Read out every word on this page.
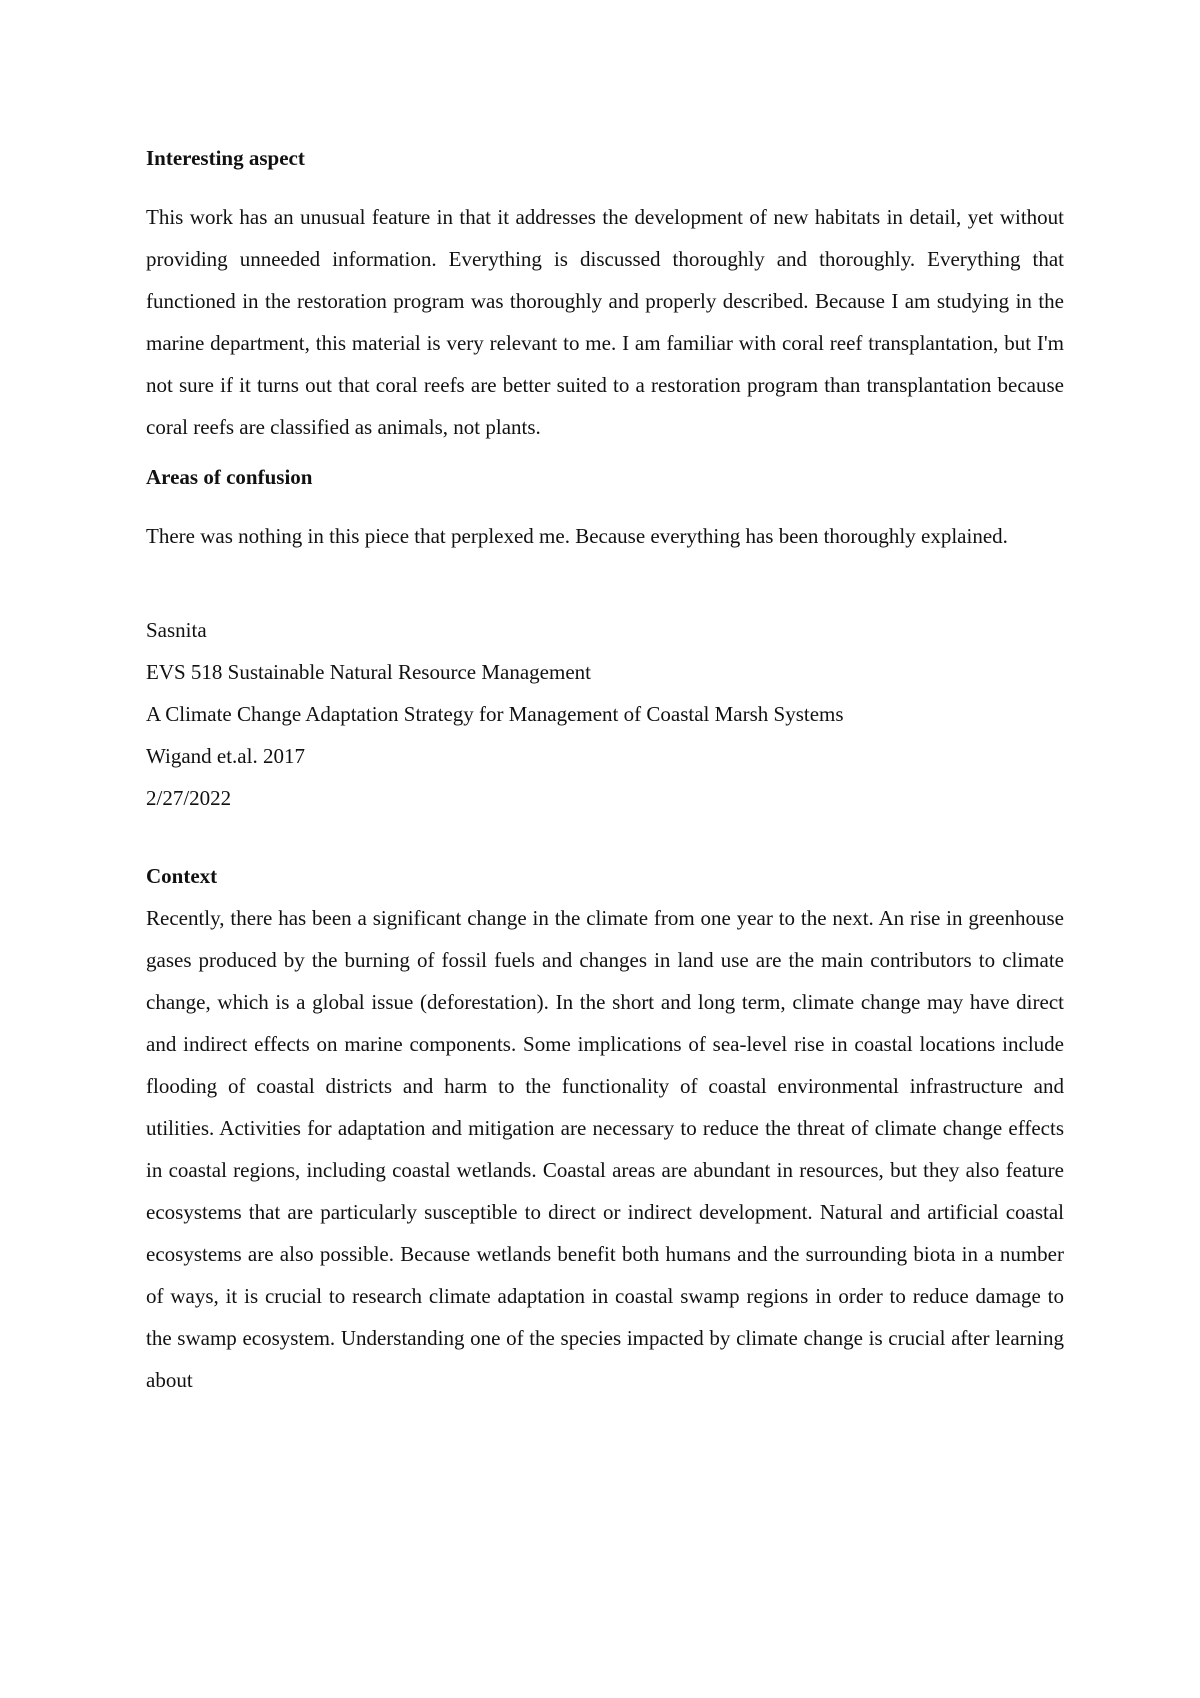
Interesting aspect

This work has an unusual feature in that it addresses the development of new habitats in detail, yet without providing unneeded information. Everything is discussed thoroughly and thoroughly. Everything that functioned in the restoration program was thoroughly and properly described. Because I am studying in the marine department, this material is very relevant to me. I am familiar with coral reef transplantation, but I'm not sure if it turns out that coral reefs are better suited to a restoration program than transplantation because coral reefs are classified as animals, not plants.

Areas of confusion

There was nothing in this piece that perplexed me. Because everything has been thoroughly explained.

Sasnita

EVS 518 Sustainable Natural Resource Management

A Climate Change Adaptation Strategy for Management of Coastal Marsh Systems

Wigand et.al. 2017

2/27/2022

Context

Recently, there has been a significant change in the climate from one year to the next. An rise in greenhouse gases produced by the burning of fossil fuels and changes in land use are the main contributors to climate change, which is a global issue (deforestation). In the short and long term, climate change may have direct and indirect effects on marine components. Some implications of sea-level rise in coastal locations include flooding of coastal districts and harm to the functionality of coastal environmental infrastructure and utilities. Activities for adaptation and mitigation are necessary to reduce the threat of climate change effects in coastal regions, including coastal wetlands. Coastal areas are abundant in resources, but they also feature ecosystems that are particularly susceptible to direct or indirect development. Natural and artificial coastal ecosystems are also possible. Because wetlands benefit both humans and the surrounding biota in a number of ways, it is crucial to research climate adaptation in coastal swamp regions in order to reduce damage to the swamp ecosystem. Understanding one of the species impacted by climate change is crucial after learning about
